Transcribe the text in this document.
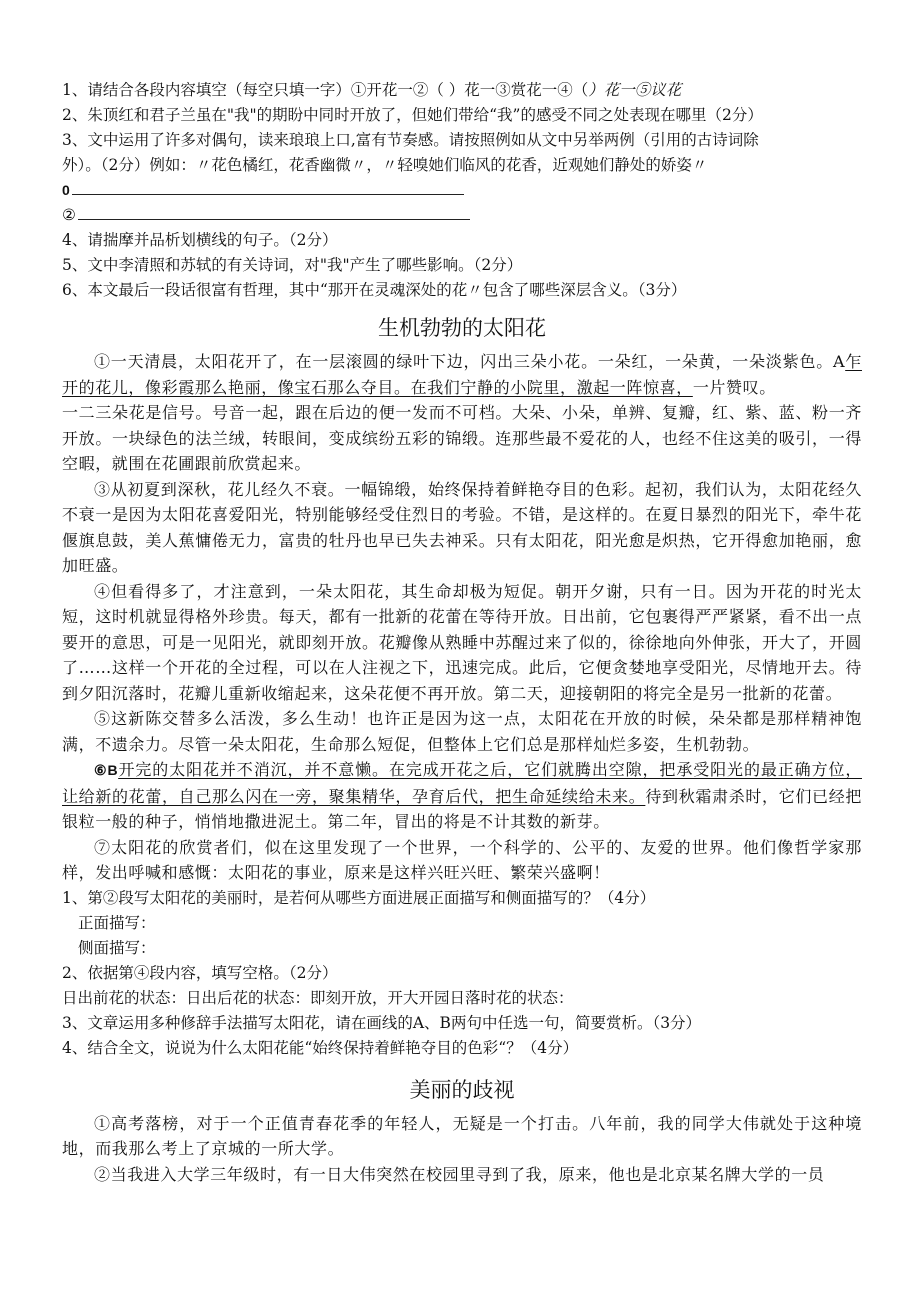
1、请结合各段内容填空（每空只填一字）①开花一②（ ）花一③赏花一④（）花一⑤议花
2、朱顶红和君子兰虽在"我"的期盼中同时开放了，但她们带给“我”的感受不同之处表现在哪里（2分）
3、文中运用了许多对偶句，读来琅琅上口,富有节奏感。请按照例如从文中另举两例（引用的古诗词除
外）。（2分）例如：〃花色橘红，花香幽微〃，〃轻嗅她们临风的花香，近观她们静处的娇姿〃
0
②
4、请揣摩并品析划横线的句子。（2分）
5、文中李清照和苏轼的有关诗词，对"我"产生了哪些影响。（2分）
6、本文最后一段话很富有哲理，其中“那开在灵魂深处的花〃包含了哪些深层含义。（3分）
生机勃勃的太阳花
①一天清晨，太阳花开了，在一层滚圆的绿叶下边，闪出三朵小花。一朵红，一朵黄，一朵淡紫色。A乍开的花儿，像彩霞那么艳丽，像宝石那么夺目。在我们宁静的小院里，激起一阵惊喜，一片赞叹。
一二三朵花是信号。号音一起，跟在后边的便一发而不可档。大朵、小朵，单辨、复瓣，红、紫、蓝、粉一齐开放。一块绿色的法兰绒，转眼间，变成缤纷五彩的锦缎。连那些最不爱花的人，也经不住这美的吸引，一得空暇，就围在花圃跟前欣赏起来。
③从初夏到深秋，花儿经久不衰。一幅锦缎，始终保持着鲜艳夺目的色彩。起初，我们认为，太阳花经久不衰一是因为太阳花喜爱阳光，特别能够经受住烈日的考验。不错，是这样的。在夏日暴烈的阳光下，牵牛花偃旗息鼓，美人蕉慵倦无力，富贵的牡丹也早已失去神采。只有太阳花，阳光愈是炽热，它开得愈加艳丽，愈加旺盛。
④但看得多了，才注意到，一朵太阳花，其生命却极为短促。朝开夕谢，只有一日。因为开花的时光太短，这时机就显得格外珍贵。每天，都有一批新的花蕾在等待开放。日出前，它包裹得严严紧紧，看不出一点要开的意思，可是一见阳光，就即刻开放。花瓣像从熟睡中苏醒过来了似的，徐徐地向外伸张，开大了，开圆了……这样一个开花的全过程，可以在人注视之下，迅速完成。此后，它便贪婪地享受阳光，尽情地开去。待到夕阳沉落时，花瓣儿重新收缩起来，这朵花便不再开放。第二天，迎接朝阳的将完全是另一批新的花蕾。
⑤这新陈交替多么活泼，多么生动！也许正是因为这一点，太阳花在开放的时候，朵朵都是那样精神饱满，不遗余力。尽管一朵太阳花，生命那么短促，但整体上它们总是那样灿烂多姿，生机勃勃。
⑥B开完的太阳花并不消沉，并不意懒。在完成开花之后，它们就腾出空隙，把承受阳光的最正确方位，让给新的花蕾，自己那么闪在一旁，聚集精华，孕育后代，把生命延续给未来。待到秋霜肃杀时，它们已经把银粒一般的种子，悄悄地撒进泥土。第二年，冒出的将是不计其数的新芽。
⑦太阳花的欣赏者们，似在这里发现了一个世界，一个科学的、公平的、友爱的世界。他们像哲学家那样，发出呼喊和感慨：太阳花的事业，原来是这样兴旺兴旺、繁荣兴盛啊！
1、第②段写太阳花的美丽时，是若何从哪些方面进展正面描写和侧面描写的？（4分）
正面描写：
侧面描写：
2、依据第④段内容，填写空格。（2分）
日出前花的状态：日出后花的状态：即刻开放，开大开园日落时花的状态：
3、文章运用多种修辞手法描写太阳花，请在画线的A、B两句中任选一句，简要赏析。（3分）
4、结合全文，说说为什么太阳花能“始终保持着鲜艳夺目的色彩“？（4分）
美丽的歧视
①高考落榜，对于一个正值青春花季的年轻人，无疑是一个打击。八年前，我的同学大伟就处于这种境地，而我那么考上了京城的一所大学。
②当我进入大学三年级时，有一日大伟突然在校园里寻到了我，原来，他也是北京某名牌大学的一员
